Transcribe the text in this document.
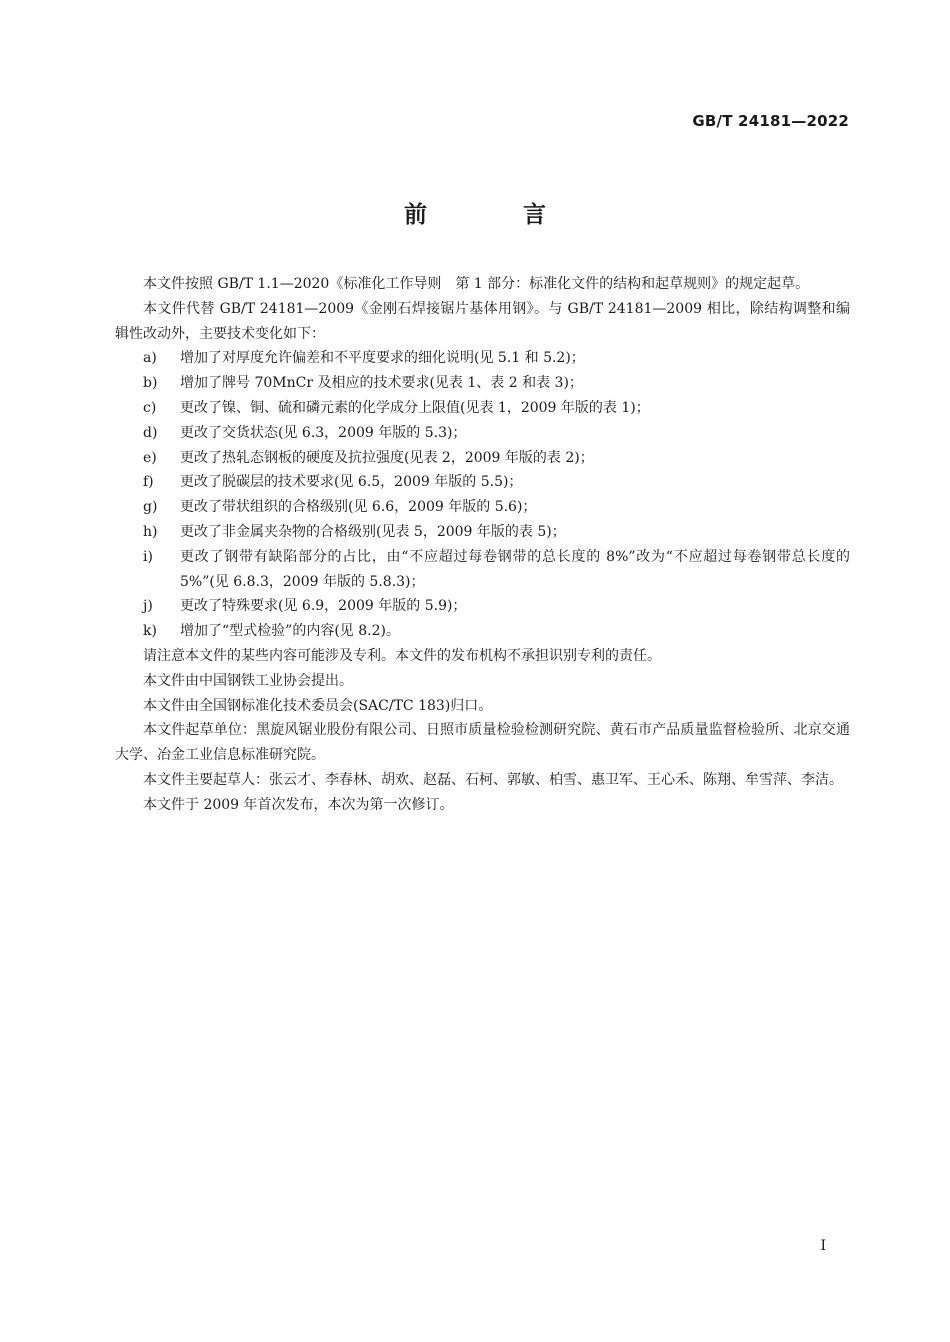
GB/T 24181—2022
前 言

本文件按照 GB/T 1.1—2020《标准化工作导则　第 1 部分：标准化文件的结构和起草规则》的规定起草。

本文件代替 GB/T 24181—2009《金刚石焊接锯片基体用钢》。与 GB/T 24181—2009 相比，除结构调整和编辑性改动外，主要技术变化如下：

a)	增加了对厚度允许偏差和不平度要求的细化说明(见 5.1 和 5.2)；
b)	增加了牌号 70MnCr 及相应的技术要求(见表 1、表 2 和表 3)；
c)	更改了镍、铜、硫和磷元素的化学成分上限值(见表 1，2009 年版的表 1)；
d)	更改了交货状态(见 6.3，2009 年版的 5.3)；
e)	更改了热轧态钢板的硬度及抗拉强度(见表 2，2009 年版的表 2)；
f)	更改了脱碳层的技术要求(见 6.5，2009 年版的 5.5)；
g)	更改了带状组织的合格级别(见 6.6，2009 年版的 5.6)；
h)	更改了非金属夹杂物的合格级别(见表 5，2009 年版的表 5)；
i)	更改了钢带有缺陷部分的占比，由“不应超过每卷钢带的总长度的 8%”改为“不应超过每卷钢带总长度的 5%”(见 6.8.3，2009 年版的 5.8.3)；
j)	更改了特殊要求(见 6.9，2009 年版的 5.9)；
k)	增加了“型式检验”的内容(见 8.2)。

请注意本文件的某些内容可能涉及专利。本文件的发布机构不承担识别专利的责任。

本文件由中国钢铁工业协会提出。

本文件由全国钢标准化技术委员会(SAC/TC 183)归口。

本文件起草单位：黑旋风锯业股份有限公司、日照市质量检验检测研究院、黄石市产品质量监督检验所、北京交通大学、冶金工业信息标准研究院。

本文件主要起草人：张云才、李春林、胡欢、赵磊、石柯、郭敏、柏雪、惠卫军、王心禾、陈翔、牟雪萍、李洁。

本文件于 2009 年首次发布，本次为第一次修订。

I
